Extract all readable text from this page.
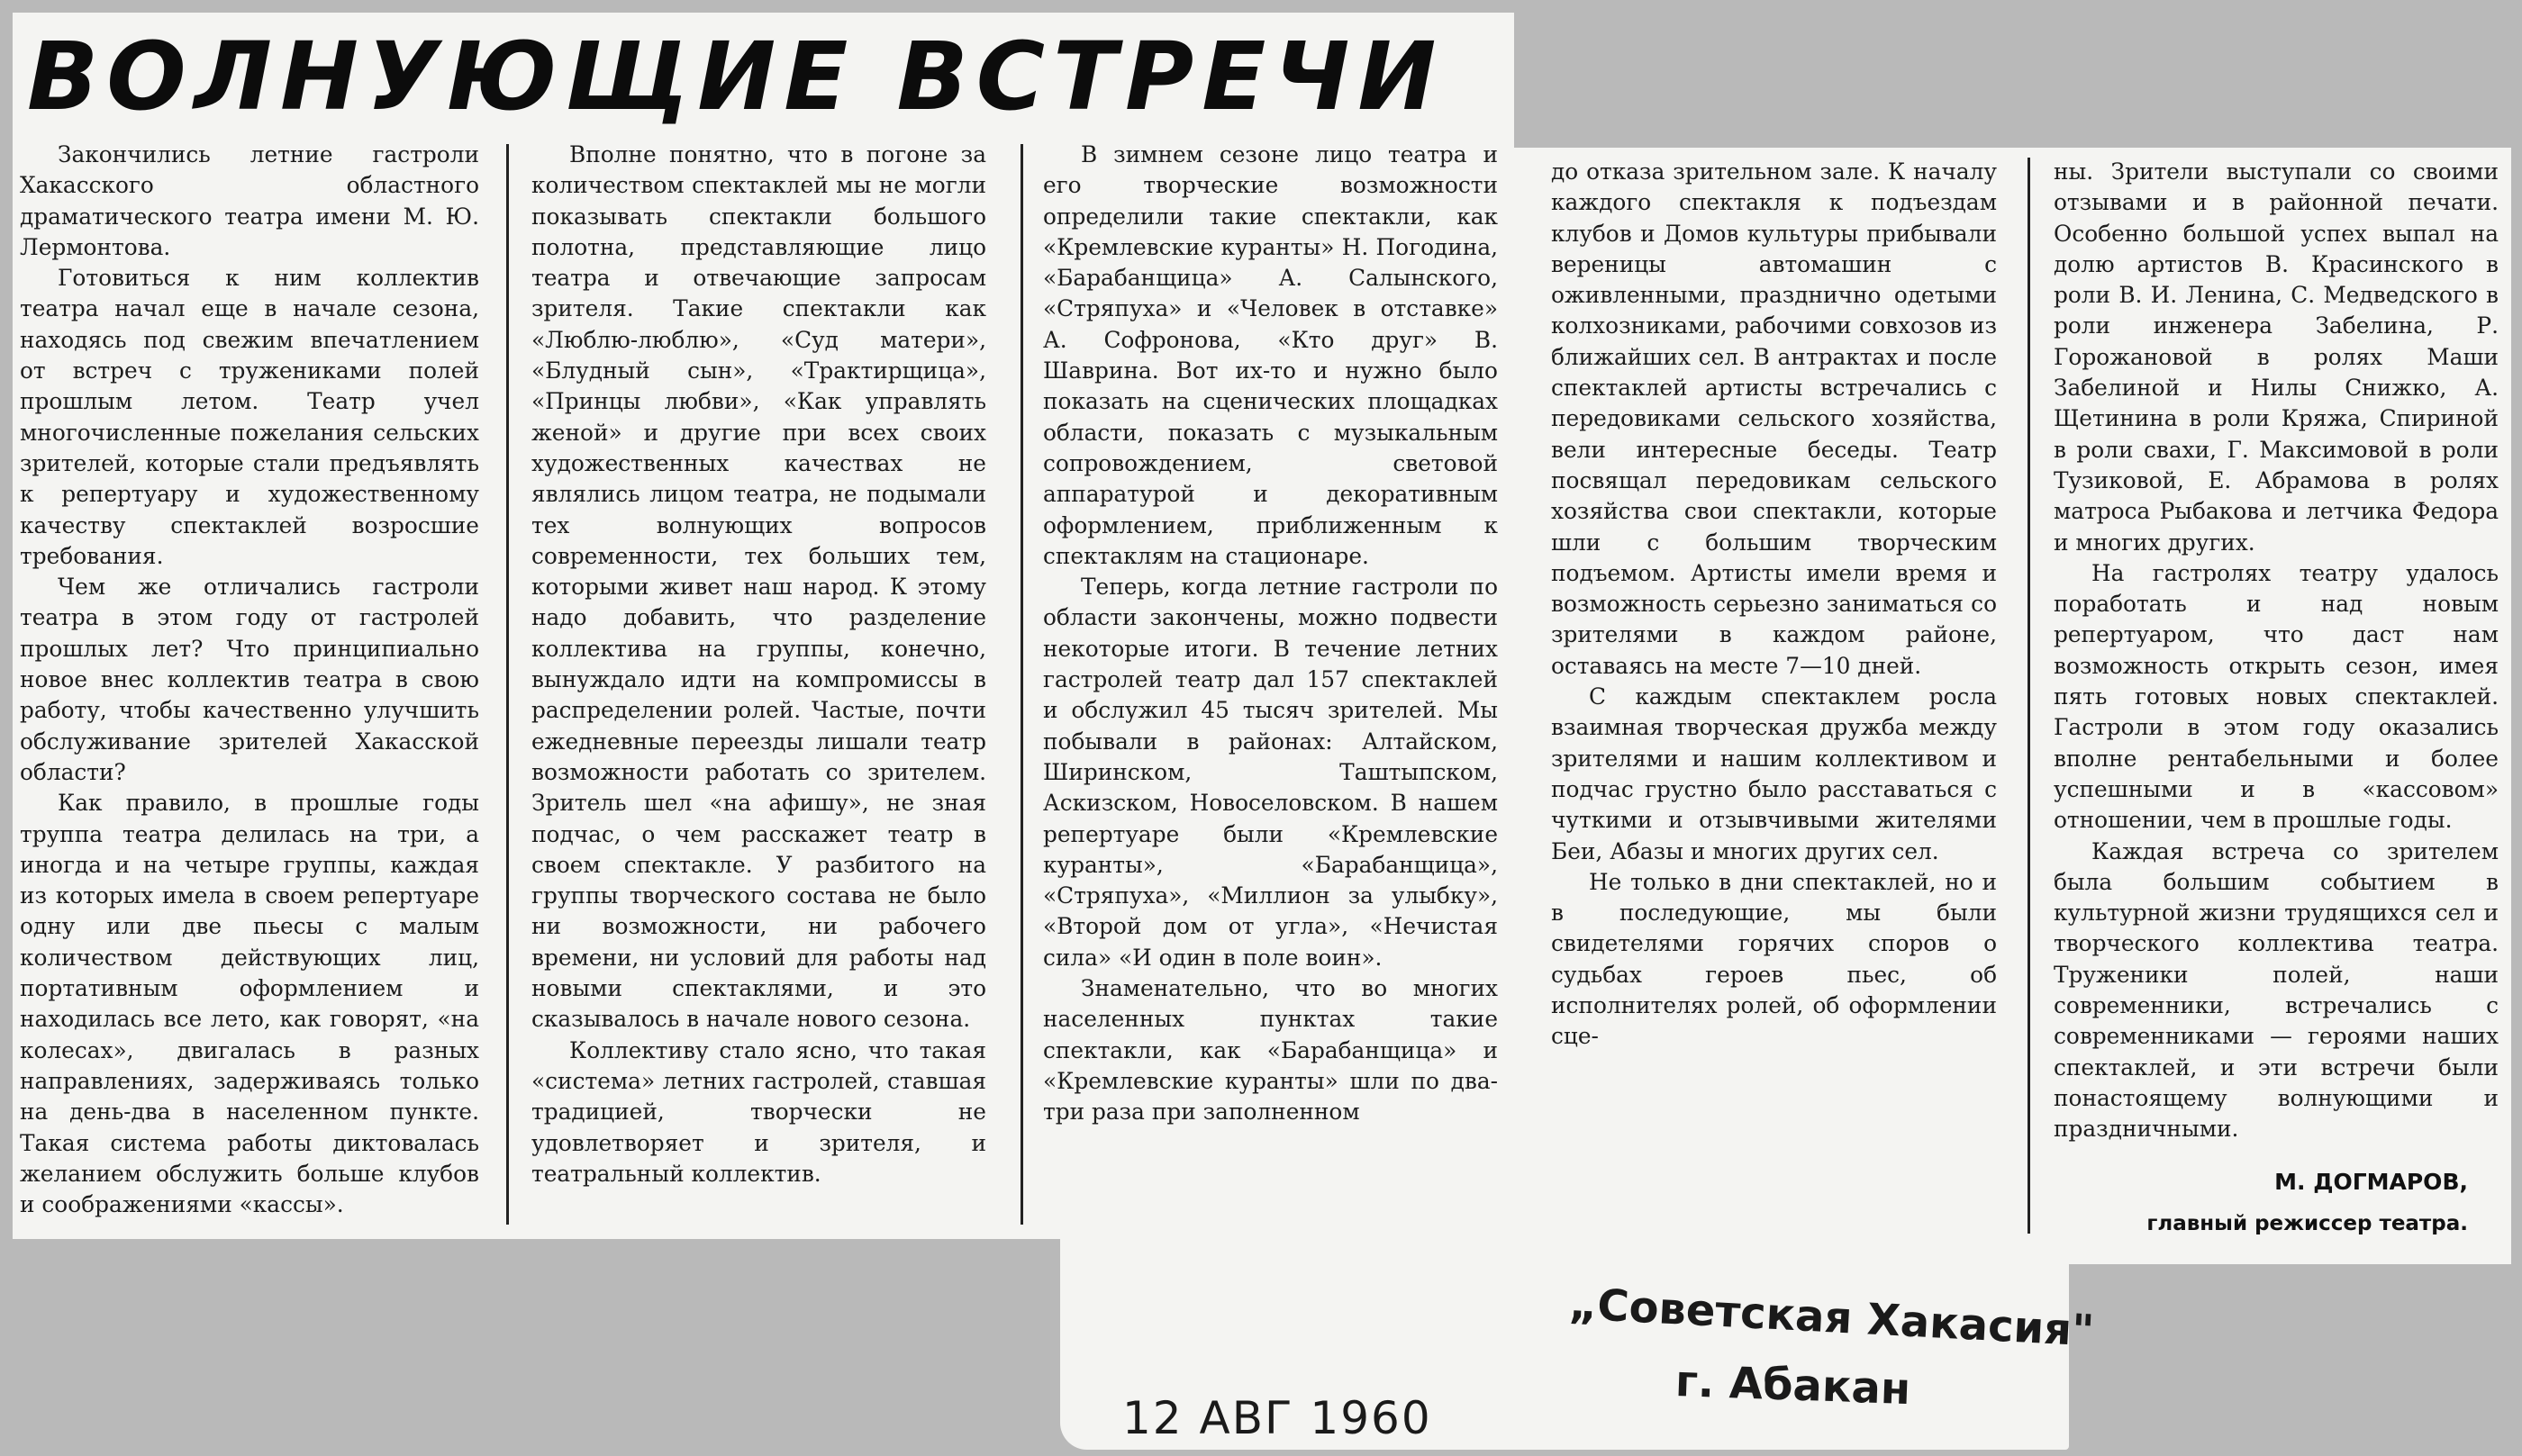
ВОЛНУЮЩИЕ ВСТРЕЧИ

Закончились летние гастроли Хакасского областного драматического театра имени М. Ю. Лермонтова.

Готовиться к ним коллектив театра начал еще в начале сезона, находясь под свежим впечатлением от встреч с тружениками полей прошлым летом. Театр учел многочисленные пожелания сельских зрителей, которые стали предъявлять к репертуару и художественному качеству спектаклей возросшие требования.

Чем же отличались гастроли театра в этом году от гастролей прошлых лет? Что принципиально новое внес коллектив театра в свою работу, чтобы качественно улучшить обслуживание зрителей Хакасской области?

Как правило, в прошлые годы труппа театра делилась на три, а иногда и на четыре группы, каждая из которых имела в своем репертуаре одну или две пьесы с малым количеством действующих лиц, портативным оформлением и находилась все лето, как говорят, «на колесах», двигалась в разных направлениях, задерживаясь только на день-два в населенном пункте. Такая система работы диктовалась желанием обслужить больше клубов и соображениями «кассы».

Вполне понятно, что в погоне за количеством спектаклей мы не могли показывать спектакли большого полотна, представляющие лицо театра и отвечающие запросам зрителя. Такие спектакли как «Люблю-люблю», «Суд матери», «Блудный сын», «Трактирщица», «Принцы любви», «Как управлять женой» и другие при всех своих художественных качествах не являлись лицом театра, не подымали тех волнующих вопросов современности, тех больших тем, которыми живет наш народ. К этому надо добавить, что разделение коллектива на группы, конечно, вынуждало идти на компромиссы в распределении ролей. Частые, почти ежедневные переезды лишали театр возможности работать со зрителем. Зритель шел «на афишу», не зная подчас, о чем расскажет театр в своем спектакле. У разбитого на группы творческого состава не было ни возможности, ни рабочего времени, ни условий для работы над новыми спектаклями, и это сказывалось в начале нового сезона.

Коллективу стало ясно, что такая «система» летних гастролей, ставшая традицией, творчески не удовлетворяет и зрителя, и театральный коллектив.

В зимнем сезоне лицо театра и его творческие возможности определили такие спектакли, как «Кремлевские куранты» Н. Погодина, «Барабанщица» А. Салынского, «Стряпуха» и «Человек в отставке» А. Софронова, «Кто друг» В. Шаврина. Вот их-то и нужно было показать на сценических площадках области, показать с музыкальным сопровождением, световой аппаратурой и декоративным оформлением, приближенным к спектаклям на стационаре.

Теперь, когда летние гастроли по области закончены, можно подвести некоторые итоги. В течение летних гастролей театр дал 157 спектаклей и обслужил 45 тысяч зрителей. Мы побывали в районах: Алтайском, Ширинском, Таштыпском, Аскизском, Новоселовском. В нашем репертуаре были «Кремлевские куранты», «Барабанщица», «Стряпуха», «Миллион за улыбку», «Второй дом от угла», «Нечистая сила» «И один в поле воин».

Знаменательно, что во многих населенных пунктах такие спектакли, как «Барабанщица» и «Кремлевские куранты» шли по два-три раза при заполненном

до отказа зрительном зале. К началу каждого спектакля к подъездам клубов и Домов культуры прибывали вереницы автомашин с оживленными, празднично одетыми колхозниками, рабочими совхозов из ближайших сел. В антрактах и после спектаклей артисты встречались с передовиками сельского хозяйства, вели интересные беседы. Театр посвящал передовикам сельского хозяйства свои спектакли, которые шли с большим творческим подъемом. Артисты имели время и возможность серьезно заниматься со зрителями в каждом районе, оставаясь на месте 7—10 дней.

С каждым спектаклем росла взаимная творческая дружба между зрителями и нашим коллективом и подчас грустно было расставаться с чуткими и отзывчивыми жителями Беи, Абазы и многих других сел.

Не только в дни спектаклей, но и в последующие, мы были свидетелями горячих споров о судьбах героев пьес, об исполнителях ролей, об оформлении сце-

ны. Зрители выступали со своими отзывами и в районной печати. Особенно большой успех выпал на долю артистов В. Красинского в роли В. И. Ленина, С. Медведского в роли инженера Забелина, Р. Горожановой в ролях Маши Забелиной и Нилы Снижко, А. Щетинина в роли Кряжа, Спириной в роли свахи, Г. Максимовой в роли Тузиковой, Е. Абрамова в ролях матроса Рыбакова и летчика Федора и многих других.

На гастролях театру удалось поработать и над новым репертуаром, что даст нам возможность открыть сезон, имея пять готовых новых спектаклей. Гастроли в этом году оказались вполне рентабельными и более успешными и в «кассовом» отношении, чем в прошлые годы.

Каждая встреча со зрителем была большим событием в культурной жизни трудящихся сел и творческого коллектива театра. Труженики полей, наши современники, встречались с современниками — героями наших спектаклей, и эти встречи были понастоящему волнующими и праздничными.

М. ДОГМАРОВ,
главный режиссер театра.
„Советская Хакасия"
г. Абакан
12 АВГ 1960
